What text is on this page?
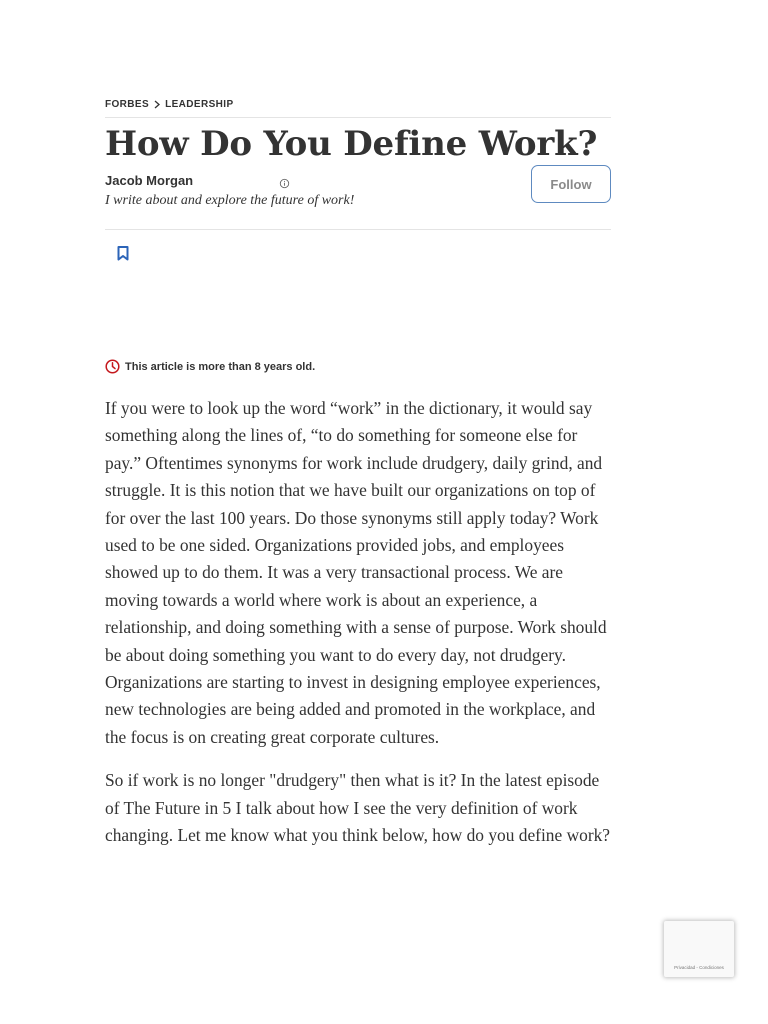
FORBES LEADERSHIP
How Do You Define Work?
Jacob Morgan
I write about and explore the future of work!
Follow
This article is more than 8 years old.

If you were to look up the word “work” in the dictionary, it would say something along the lines of, “to do something for someone else for pay.” Oftentimes synonyms for work include drudgery, daily grind, and struggle. It is this notion that we have built our organizations on top of for over the last 100 years. Do those synonyms still apply today? Work used to be one sided. Organizations provided jobs, and employees showed up to do them. It was a very transactional process. We are moving towards a world where work is about an experience, a relationship, and doing something with a sense of purpose. Work should be about doing something you want to do every day, not drudgery. Organizations are starting to invest in designing employee experiences, new technologies are being added and promoted in the workplace, and the focus is on creating great corporate cultures.

So if work is no longer "drudgery" then what is it? In the latest episode of The Future in 5 I talk about how I see the very definition of work changing. Let me know what you think below, how do you define work?

Privacidad - Condiciones
